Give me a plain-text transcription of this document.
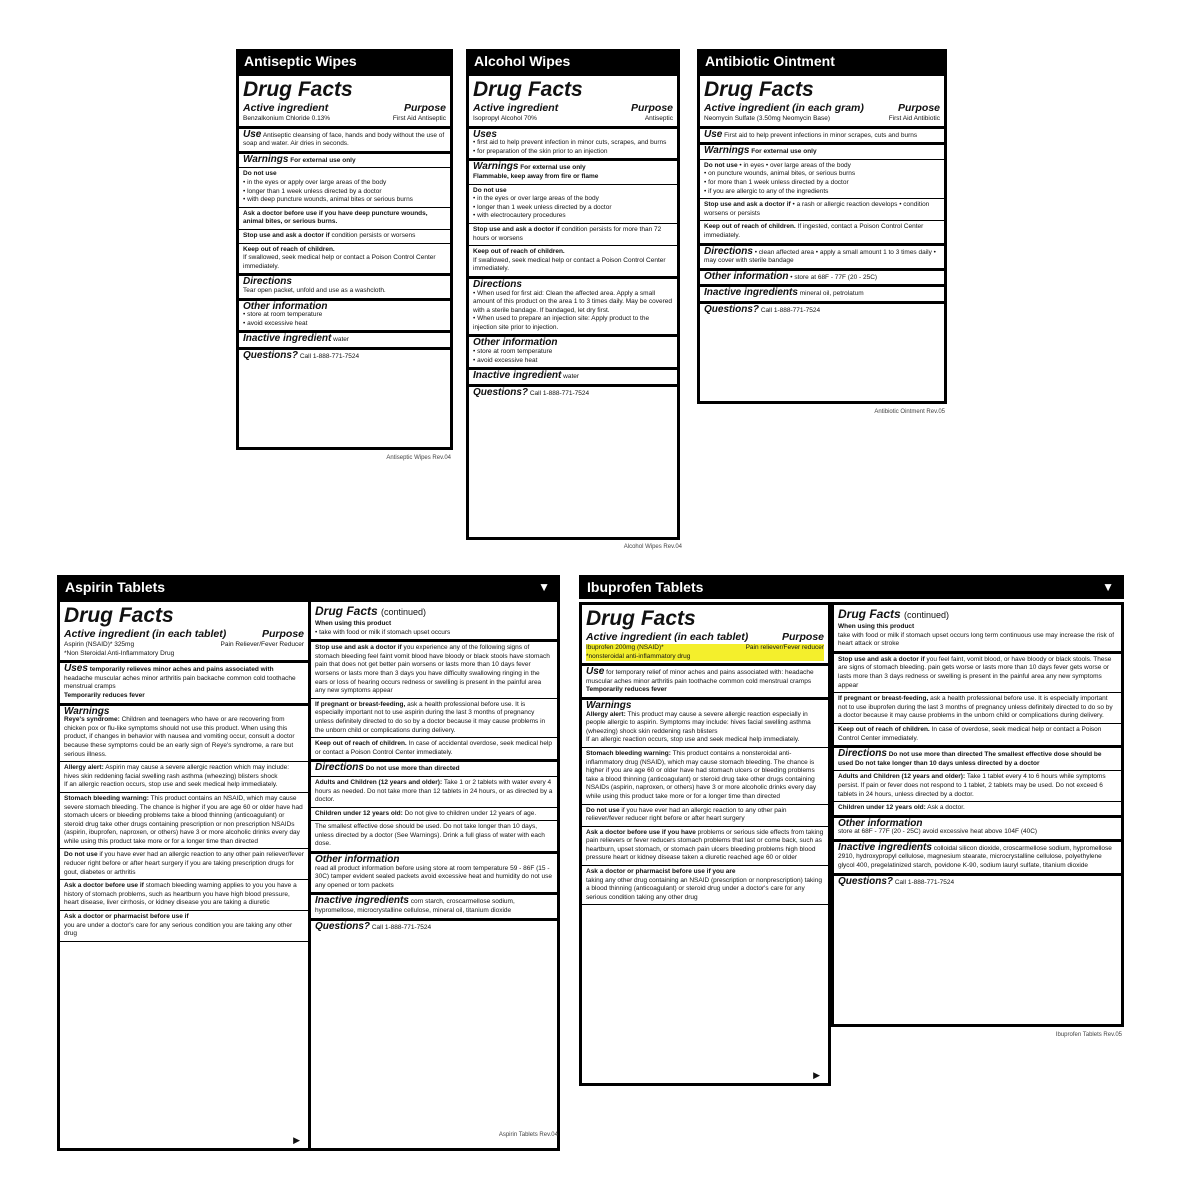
Antiseptic Wipes
Drug Facts
Active ingredient	Purpose
Benzalkonium Chloride 0.13%	First Aid Antiseptic
Use Antiseptic cleansing of face, hands and body without the use of soap and water. Air dries in seconds.
Warnings For external use only
Do not use
• in the eyes or apply over large areas of the body
• longer than 1 week unless directed by a doctor
• with deep puncture wounds, animal bites or serious burns
Ask a doctor before use if you have deep puncture wounds, animal bites, or serious burns.
Stop use and ask a doctor if condition persists or worsens
Keep out of reach of children.
If swallowed, seek medical help or contact a Poison Control Center immediately.
Directions
Tear open packet, unfold and use as a washcloth.
Other information
• store at room temperature
• avoid excessive heat
Inactive ingredient water
Questions? Call 1-888-771-7524
Antiseptic Wipes Rev.04
Alcohol Wipes
Drug Facts
Active ingredient	Purpose
Isopropyl Alcohol 70%	Antiseptic
Uses
• first aid to help prevent infection in minor cuts, scrapes, and burns
• for preparation of the skin prior to an injection
Warnings For external use only
Flammable, keep away from fire or flame
Do not use
• in the eyes or over large areas of the body
• longer than 1 week unless directed by a doctor
• with electrocautery procedures
Stop use and ask a doctor if condition persists for more than 72 hours or worsens
Keep out of reach of children.
If swallowed, seek medical help or contact a Poison Control Center immediately.
Directions
• When used for first aid: Clean the affected area. Apply a small amount of this product on the area 1 to 3 times daily. May be covered with a sterile bandage. If bandaged, let dry first.
• When used to prepare an injection site: Apply product to the injection site prior to injection.
Other information
• store at room temperature
• avoid excessive heat
Inactive ingredient water
Questions? Call 1-888-771-7524
Alcohol Wipes Rev.04
Antibiotic Ointment
Drug Facts
Active ingredient (in each gram)	Purpose
Neomycin Sulfate (3.50mg Neomycin Base)	First Aid Antibiotic
Use First aid to help prevent infections in minor scrapes, cuts and burns
Warnings For external use only
Do not use • in eyes • over large areas of the body
• on puncture wounds, animal bites, or serious burns
• for more than 1 week unless directed by a doctor
• if you are allergic to any of the ingredients
Stop use and ask a doctor if • a rash or allergic reaction develops • condition worsens or persists
Keep out of reach of children. If ingested, contact a Poison Control Center immediately.
Directions • clean affected area • apply a small amount 1 to 3 times daily • may cover with sterile bandage
Other information • store at 68F - 77F (20 - 25C)
Inactive ingredients mineral oil, petrolatum
Questions? Call 1-888-771-7524
Antibiotic Ointment Rev.05
Aspirin Tablets	▼
Drug Facts
Active ingredient (in each tablet)	Purpose
Aspirin (NSAID)* 325mg	Pain Reliever/Fever Reducer
*Non Steroidal Anti-Inflammatory Drug
Uses temporarily relieves minor aches and pains associated with
headache muscular aches minor arthritis pain backache common cold toothache menstrual cramps
Temporarily reduces fever
Warnings
Reye's syndrome: Children and teenagers who have or are recovering from chicken pox or flu-like symptoms should not use this product. When using this product, if changes in behavior with nausea and vomiting occur, consult a doctor because these symptoms could be an early sign of Reye's syndrome, a rare but serious illness.
Allergy alert: Aspirin may cause a severe allergic reaction which may include: hives skin reddening facial swelling rash asthma (wheezing) blisters shock
If an allergic reaction occurs, stop use and seek medical help immediately.
Stomach bleeding warning: This product contains an NSAID, which may cause severe stomach bleeding. The chance is higher if you are age 60 or older have had stomach ulcers or bleeding problems take a blood thinning (anticoagulant) or steroid drug take other drugs containing prescription or non prescription NSAIDs (aspirin, ibuprofen, naproxen, or others) have 3 or more alcoholic drinks every day while using this product take more or for a longer time than directed
Do not use if you have ever had an allergic reaction to any other pain reliever/fever reducer right before or after heart surgery if you are taking prescription drugs for gout, diabetes or arthritis
Ask a doctor before use if stomach bleeding warning applies to you you have a history of stomach problems, such as heartburn you have high blood pressure, heart disease, liver cirrhosis, or kidney disease you are taking a diuretic
Ask a doctor or pharmacist before use if
you are under a doctor's care for any serious condition you are taking any other drug
▶
Drug Facts (continued)
When using this product
• take with food or milk if stomach upset occurs
Stop use and ask a doctor if you experience any of the following signs of stomach bleeding feel faint vomit blood have bloody or black stools have stomach pain that does not get better pain worsens or lasts more than 10 days fever worsens or lasts more than 3 days you have difficulty swallowing ringing in the ears or loss of hearing occurs redness or swelling is present in the painful area any new symptoms appear
If pregnant or breast-feeding, ask a health professional before use. It is especially important not to use aspirin during the last 3 months of pregnancy unless definitely directed to do so by a doctor because it may cause problems in the unborn child or complications during delivery.
Keep out of reach of children. In case of accidental overdose, seek medical help or contact a Poison Control Center immediately.
Directions Do not use more than directed
Adults and Children (12 years and older): Take 1 or 2 tablets with water every 4 hours as needed. Do not take more than 12 tablets in 24 hours, or as directed by a doctor.
Children under 12 years old: Do not give to children under 12 years of age.
The smallest effective dose should be used. Do not take longer than 10 days, unless directed by a doctor (See Warnings). Drink a full glass of water with each dose.
Other information
read all product information before using store at room temperature 59 - 86F (15 - 30C) tamper evident sealed packets avoid excessive heat and humidity do not use any opened or torn packets
Inactive ingredients corn starch, croscarmellose sodium, hypromellose, microcrystalline cellulose, mineral oil, titanium dioxide
Questions? Call 1-888-771-7524
Aspirin Tablets Rev.04
Ibuprofen Tablets	▼
Drug Facts
Active ingredient (in each tablet)	Purpose
Ibuprofen 200mg (NSAID)*	Pain reliever/Fever reducer
*nonsteroidal anti-inflammatory drug
Use for temporary relief of minor aches and pains associated with: headache muscular aches minor arthritis pain toothache common cold menstrual cramps
Temporarily reduces fever
Warnings
Allergy alert: This product may cause a severe allergic reaction especially in people allergic to aspirin. Symptoms may include: hives facial swelling asthma (wheezing) shock skin reddening rash blisters
If an allergic reaction occurs, stop use and seek medical help immediately.
Stomach bleeding warning: This product contains a nonsteroidal anti-inflammatory drug (NSAID), which may cause stomach bleeding. The chance is higher if you are age 60 or older have had stomach ulcers or bleeding problems take a blood thinning (anticoagulant) or steroid drug take other drugs containing NSAIDs (aspirin, naproxen, or others) have 3 or more alcoholic drinks every day while using this product take more or for a longer time than directed
Do not use if you have ever had an allergic reaction to any other pain reliever/fever reducer right before or after heart surgery
Ask a doctor before use if you have problems or serious side effects from taking pain relievers or fever reducers stomach problems that last or come back, such as heartburn, upset stomach, or stomach pain ulcers bleeding problems high blood pressure heart or kidney disease taken a diuretic reached age 60 or older
Ask a doctor or pharmacist before use if you are
taking any other drug containing an NSAID (prescription or nonprescription) taking a blood thinning (anticoagulant) or steroid drug under a doctor's care for any serious condition taking any other drug
▶
Drug Facts (continued)
When using this product
take with food or milk if stomach upset occurs long term continuous use may increase the risk of heart attack or stroke
Stop use and ask a doctor if you feel faint, vomit blood, or have bloody or black stools. These are signs of stomach bleeding. pain gets worse or lasts more than 10 days fever gets worse or lasts more than 3 days redness or swelling is present in the painful area any new symptoms appear
If pregnant or breast-feeding, ask a health professional before use. It is especially important not to use ibuprofen during the last 3 months of pregnancy unless definitely directed to do so by a doctor because it may cause problems in the unborn child or complications during delivery.
Keep out of reach of children. In case of overdose, seek medical help or contact a Poison Control Center immediately.
Directions Do not use more than directed The smallest effective dose should be used Do not take longer than 10 days unless directed by a doctor
Adults and Children (12 years and older): Take 1 tablet every 4 to 6 hours while symptoms persist. If pain or fever does not respond to 1 tablet, 2 tablets may be used. Do not exceed 6 tablets in 24 hours, unless directed by a doctor.
Children under 12 years old: Ask a doctor.
Other information
store at 68F - 77F (20 - 25C) avoid excessive heat above 104F (40C)
Inactive ingredients colloidal silicon dioxide, croscarmellose sodium, hypromellose 2910, hydroxypropyl cellulose, magnesium stearate, microcrystalline cellulose, polyethylene glycol 400, pregelatinized starch, povidone K-90, sodium lauryl sulfate, titanium dioxide
Questions? Call 1-888-771-7524
Ibuprofen Tablets Rev.05
